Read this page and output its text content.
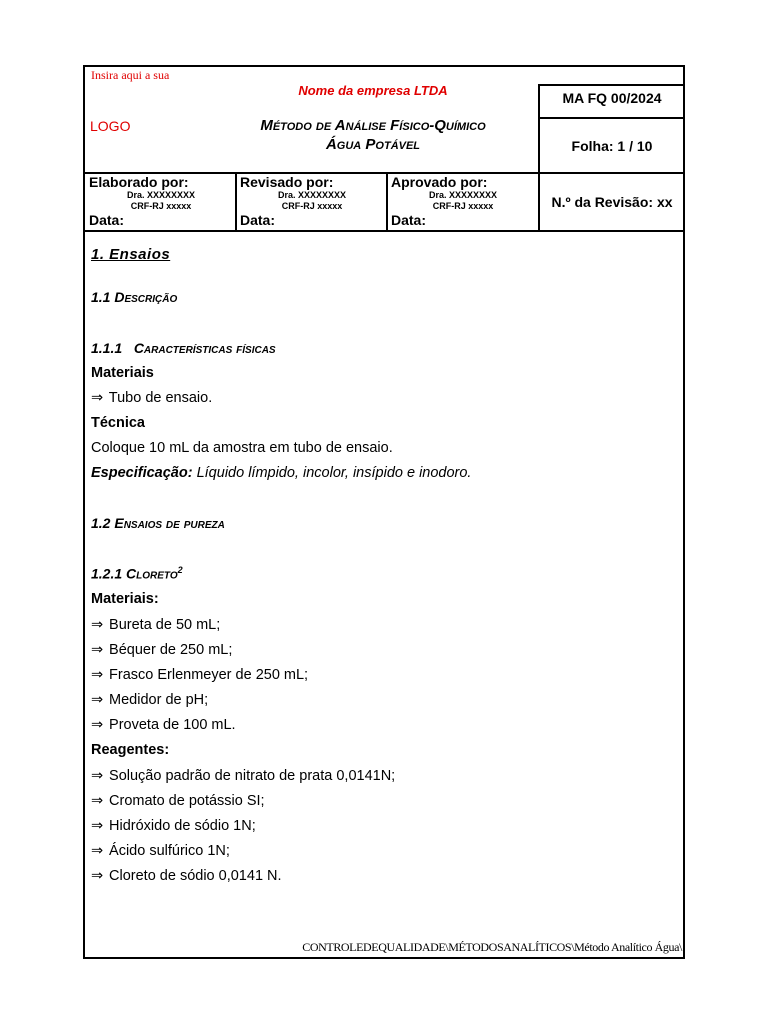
Insira aqui a sua
LOGO
Nome da empresa LTDA
Método de Análise Físico-Químico
Água Potável
MA FQ 00/2024
Folha: 1 / 10
Elaborado por:
Dra. XXXXXXXX
CRF-RJ xxxxx
Data:
Revisado por:
Dra. XXXXXXXX
CRF-RJ xxxxx
Data:
Aprovado por:
Dra. XXXXXXXX
CRF-RJ xxxxx
Data:
N.º da Revisão: xx
1. Ensaios
1.1 Descrição
1.1.1 Características físicas
Materiais
⇒ Tubo de ensaio.
Técnica
Coloque 10 mL da amostra em tubo de ensaio.
Especificação: Líquido límpido, incolor, insípido e inodoro.
1.2 Ensaios de pureza
1.2.1 Cloreto$^2$
Materiais:
⇒ Bureta de 50 mL;
⇒ Béquer de 250 mL;
⇒ Frasco Erlenmeyer de 250 mL;
⇒ Medidor de pH;
⇒ Proveta de 100 mL.
Reagentes:
⇒ Solução padrão de nitrato de prata 0,0141N;
⇒ Cromato de potássio SI;
⇒ Hidróxido de sódio 1N;
⇒ Ácido sulfúrico 1N;
⇒ Cloreto de sódio 0,0141 N.
CONTROLEDEQUALIDADE\MÉTODOSANALÍTICOS\Método Analítico Água\
